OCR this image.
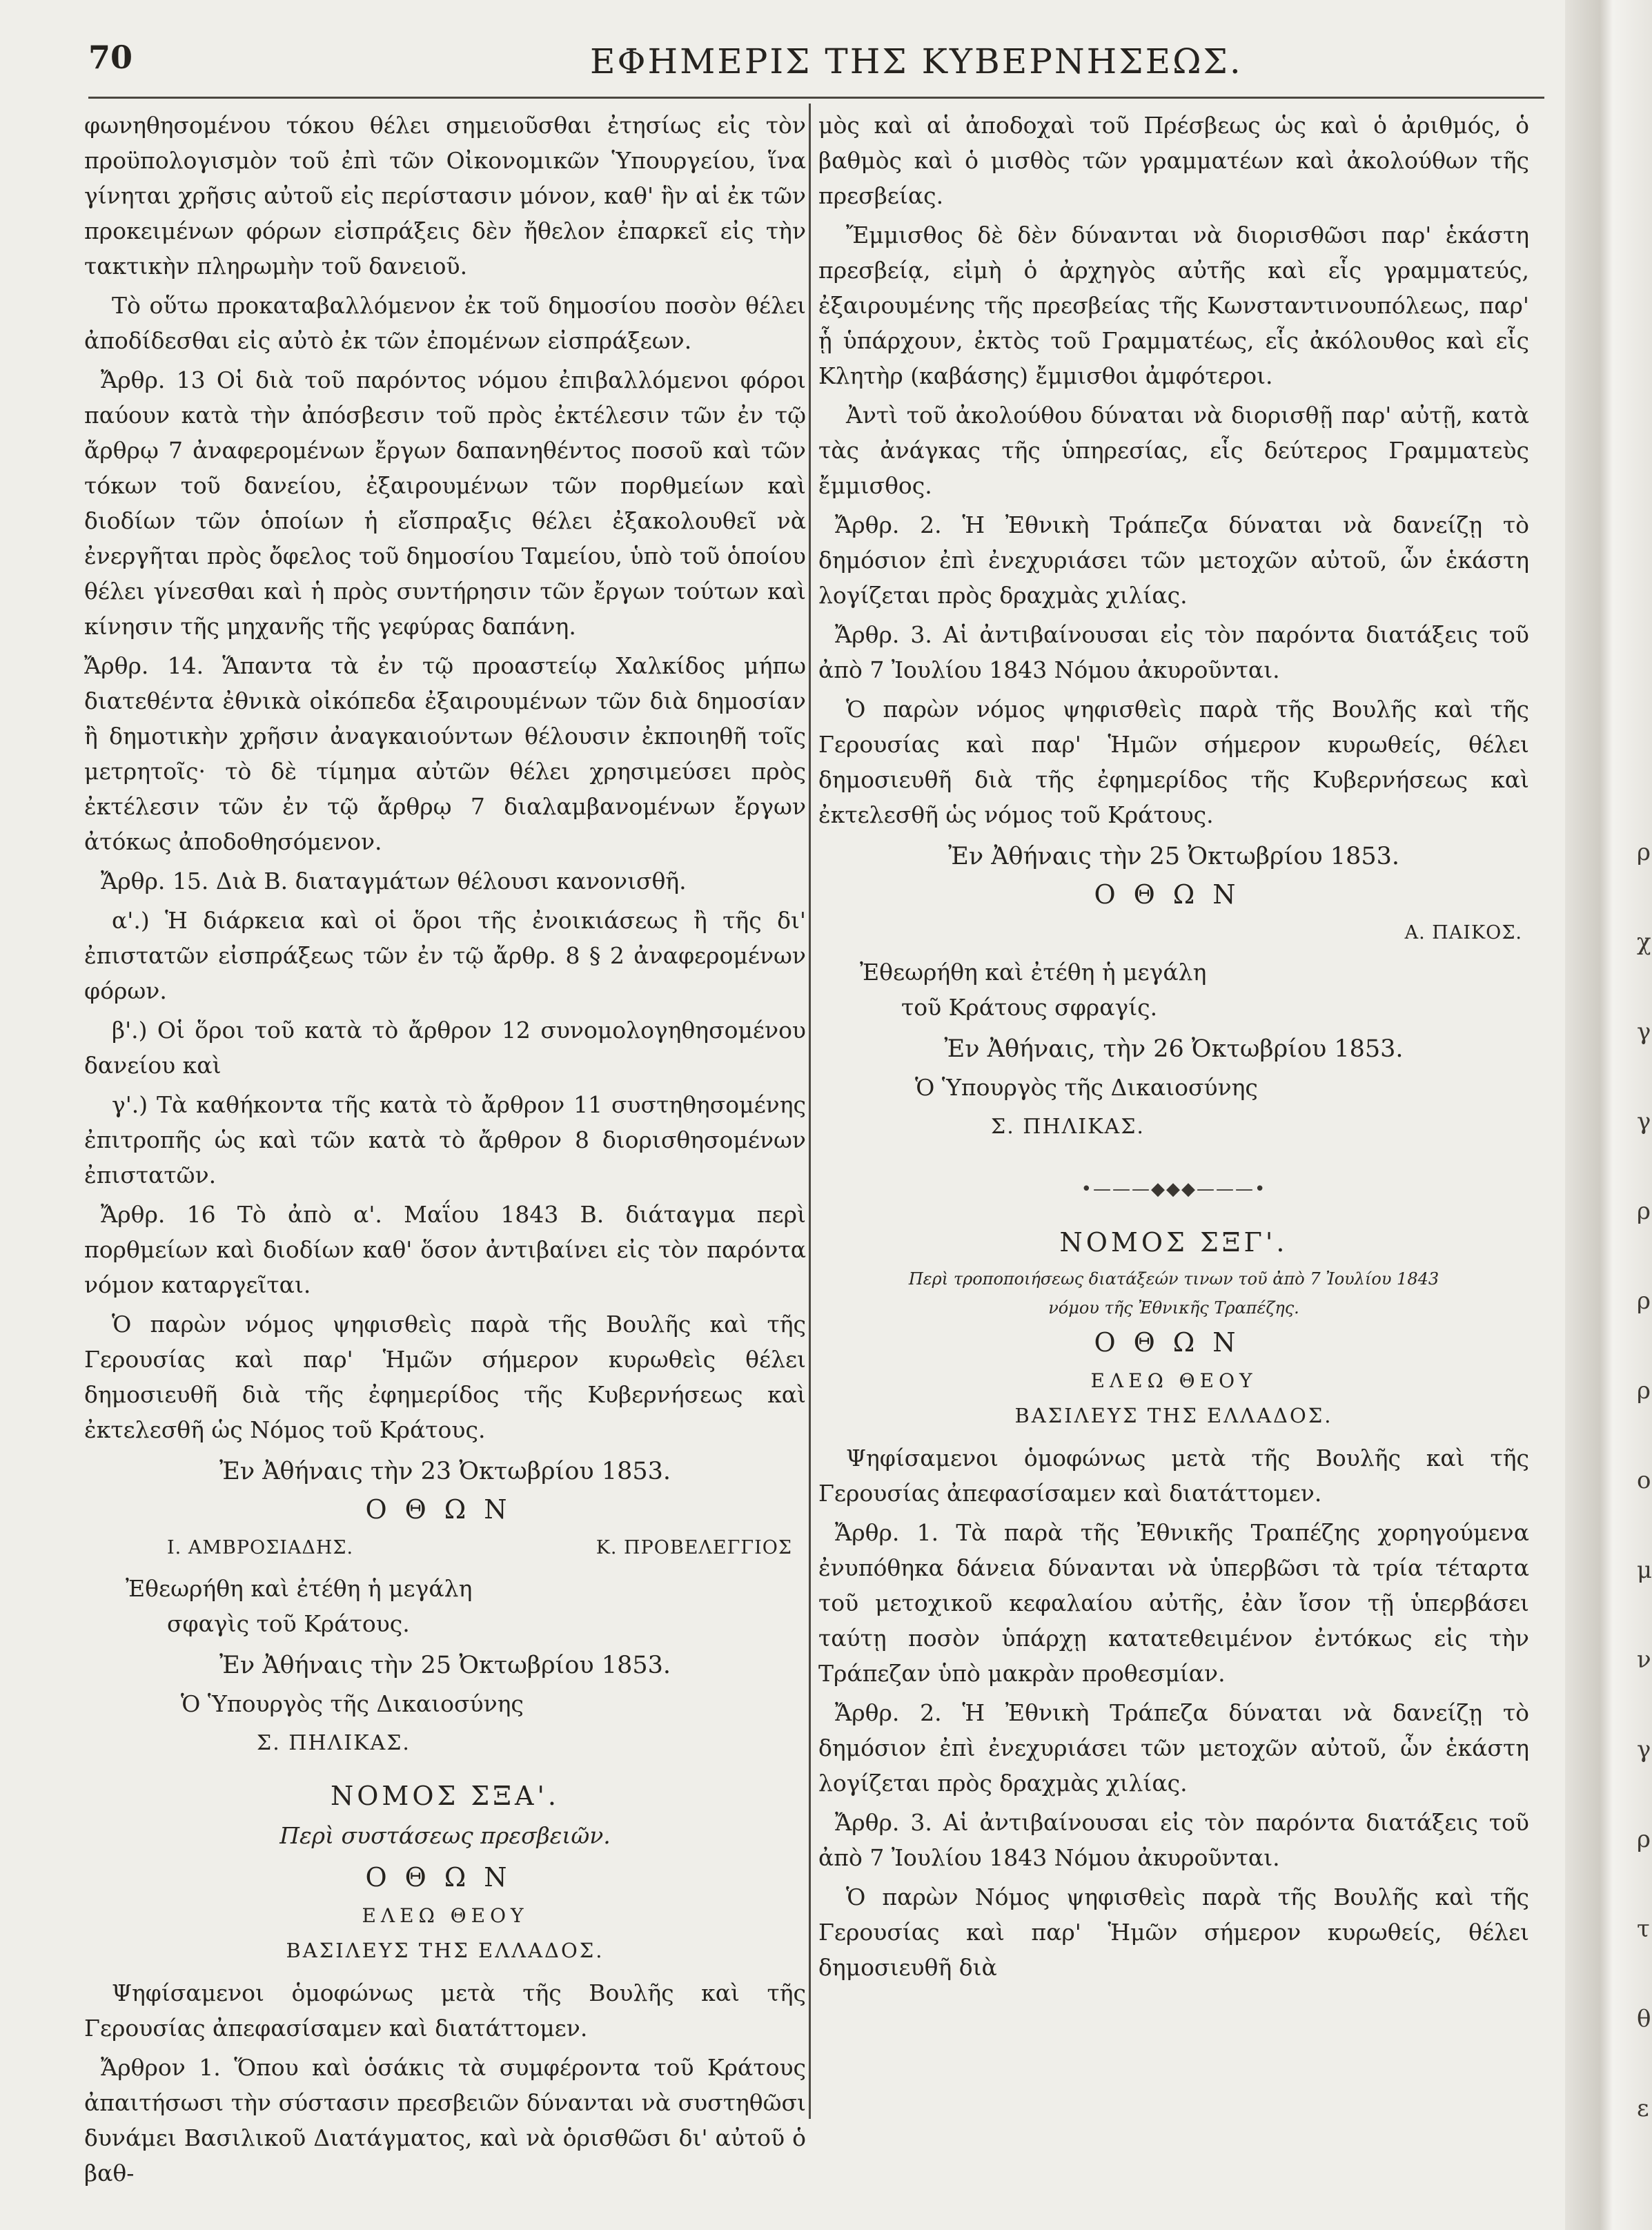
70	ΕΦΗΜΕΡΙΣ ΤΗΣ ΚΥΒΕΡΝΗΣΕΩΣ.

φωνηθησομένου τόκου θέλει σημειοῦσθαι ἐτησίως εἰς τὸν προϋπολογισμὸν τοῦ ἐπὶ τῶν Οἰκονομικῶν Ὑπουργείου, ἵνα γίνηται χρῆσις αὐτοῦ εἰς περίστασιν μόνον, καθ' ἣν αἱ ἐκ τῶν προκειμένων φόρων εἰσπράξεις δὲν ἤθελον ἐπαρκεῖ εἰς τὴν τακτικὴν πληρωμὴν τοῦ δανειοῦ.

Τὸ οὕτω προκαταβαλλόμενον ἐκ τοῦ δημοσίου ποσὸν θέλει ἀποδίδεσθαι εἰς αὐτὸ ἐκ τῶν ἐπομένων εἰσπράξεων.

Ἄρθρ. 13 Οἱ διὰ τοῦ παρόντος νόμου ἐπιβαλλόμενοι φόροι παύουν κατὰ τὴν ἀπόσβεσιν τοῦ πρὸς ἐκτέλεσιν τῶν ἐν τῷ ἄρθρῳ 7 ἀναφερομένων ἔργων δαπανηθέντος ποσοῦ καὶ τῶν τόκων τοῦ δανείου, ἐξαιρουμένων τῶν πορθμείων καὶ διοδίων τῶν ὁποίων ἡ εἴσπραξις θέλει ἐξακολουθεῖ νὰ ἐνεργῆται πρὸς ὄφελος τοῦ δημοσίου Ταμείου, ὑπὸ τοῦ ὁποίου θέλει γίνεσθαι καὶ ἡ πρὸς συντήρησιν τῶν ἔργων τούτων καὶ κίνησιν τῆς μηχανῆς τῆς γεφύρας δαπάνη.

Ἄρθρ. 14. Ἅπαντα τὰ ἐν τῷ προαστείῳ Χαλκίδος μήπω διατεθέντα ἐθνικὰ οἰκόπεδα ἐξαιρουμένων τῶν διὰ δημοσίαν ἢ δημοτικὴν χρῆσιν ἀναγκαιούντων θέλουσιν ἐκποιηθῆ τοῖς μετρητοῖς· τὸ δὲ τίμημα αὐτῶν θέλει χρησιμεύσει πρὸς ἐκτέλεσιν τῶν ἐν τῷ ἄρθρῳ 7 διαλαμβανομένων ἔργων ἀτόκως ἀποδοθησόμενον.

Ἄρθρ. 15. Διὰ Β. διαταγμάτων θέλουσι κανονισθῆ.

α'.) Ἡ διάρκεια καὶ οἱ ὅροι τῆς ἐνοικιάσεως ἢ τῆς δι' ἐπιστατῶν εἰσπράξεως τῶν ἐν τῷ ἄρθρ. 8 § 2 ἀναφερομένων φόρων.

β'.) Οἱ ὅροι τοῦ κατὰ τὸ ἄρθρον 12 συνομολογηθησομένου δανείου καὶ

γ'.) Τὰ καθήκοντα τῆς κατὰ τὸ ἄρθρον 11 συστηθησομένης ἐπιτροπῆς ὡς καὶ τῶν κατὰ τὸ ἄρθρον 8 διορισθησομένων ἐπιστατῶν.

Ἄρθρ. 16 Τὸ ἀπὸ α'. Μαΐου 1843 Β. διάταγμα περὶ πορθμείων καὶ διοδίων καθ' ὅσον ἀντιβαίνει εἰς τὸν παρόντα νόμον καταργεῖται.

Ὁ παρὼν νόμος ψηφισθεὶς παρὰ τῆς Βουλῆς καὶ τῆς Γερουσίας καὶ παρ' Ἡμῶν σήμερον κυρωθεὶς θέλει δημοσιευθῆ διὰ τῆς ἐφημερίδος τῆς Κυβερνήσεως καὶ ἐκτελεσθῆ ὡς Νόμος τοῦ Κράτους.

Ἐν Ἀθήναις τὴν 23 Ὀκτωβρίου 1853.

ΟΘΩΝ

Ι. ΑΜΒΡΟΣΙΑΔΗΣ.	Κ. ΠΡΟΒΕΛΕΓΓΙΟΣ

Ἐθεωρήθη καὶ ἐτέθη ἡ μεγάλη

σφαγὶς τοῦ Κράτους.

Ἐν Ἀθήναις τὴν 25 Ὀκτωβρίου 1853.

Ὁ Ὑπουργὸς τῆς Δικαιοσύνης

Σ. ΠΗΛΙΚΑΣ.

ΝΟΜΟΣ ΣΞΑ'.

Περὶ συστάσεως πρεσβειῶν.

ΟΘΩΝ

ΕΛΕΩ ΘΕΟΥ

ΒΑΣΙΛΕΥΣ ΤΗΣ ΕΛΛΑΔΟΣ.

Ψηφίσαμενοι ὁμοφώνως μετὰ τῆς Βουλῆς καὶ τῆς Γερουσίας ἀπεφασίσαμεν καὶ διατάττομεν.

Ἄρθρον 1. Ὅπου καὶ ὁσάκις τὰ συμφέροντα τοῦ Κράτους ἀπαιτήσωσι τὴν σύστασιν πρεσβειῶν δύνανται νὰ συστηθῶσι δυνάμει Βασιλικοῦ Διατάγματος, καὶ νὰ ὁρισθῶσι δι' αὐτοῦ ὁ βαθ-

μὸς καὶ αἱ ἀποδοχαὶ τοῦ Πρέσβεως ὡς καὶ ὁ ἀριθμός, ὁ βαθμὸς καὶ ὁ μισθὸς τῶν γραμματέων καὶ ἀκολούθων τῆς πρεσβείας.

Ἔμμισθος δὲ δὲν δύνανται νὰ διορισθῶσι παρ' ἑκάστη πρεσβείᾳ, εἰμὴ ὁ ἀρχηγὸς αὐτῆς καὶ εἷς γραμματεύς, ἐξαιρουμένης τῆς πρεσβείας τῆς Κωνσταντινουπόλεως, παρ' ᾗ ὑπάρχουν, ἐκτὸς τοῦ Γραμματέως, εἷς ἀκόλουθος καὶ εἷς Κλητὴρ (καβάσης) ἔμμισθοι ἀμφότεροι.

Ἀντὶ τοῦ ἀκολούθου δύναται νὰ διορισθῇ παρ' αὐτῇ, κατὰ τὰς ἀνάγκας τῆς ὑπηρεσίας, εἷς δεύτερος Γραμματεὺς ἔμμισθος.

Ἄρθρ. 2. Ἡ Ἐθνικὴ Τράπεζα δύναται νὰ δανείζῃ τὸ δημόσιον ἐπὶ ἐνεχυριάσει τῶν μετοχῶν αὐτοῦ, ὧν ἑκάστη λογίζεται πρὸς δραχμὰς χιλίας.

Ἄρθρ. 3. Αἱ ἀντιβαίνουσαι εἰς τὸν παρόντα διατάξεις τοῦ ἀπὸ 7 Ἰουλίου 1843 Νόμου ἀκυροῦνται.

Ὁ παρὼν νόμος ψηφισθεὶς παρὰ τῆς Βουλῆς καὶ τῆς Γερουσίας καὶ παρ' Ἡμῶν σήμερον κυρωθείς, θέλει δημοσιευθῆ διὰ τῆς ἐφημερίδος τῆς Κυβερνήσεως καὶ ἐκτελεσθῆ ὡς νόμος τοῦ Κράτους.

Ἐν Ἀθήναις τὴν 25 Ὀκτωβρίου 1853.

ΟΘΩΝ

Α. ΠΑΙΚΟΣ.

Ἐθεωρήθη καὶ ἐτέθη ἡ μεγάλη

τοῦ Κράτους σφραγίς.

Ἐν Ἀθήναις, τὴν 26 Ὀκτωβρίου 1853.

Ὁ Ὑπουργὸς τῆς Δικαιοσύνης

Σ. ΠΗΛΙΚΑΣ.

•———◆◆◆———•

ΝΟΜΟΣ ΣΞΓ'.

Περὶ τροποποιήσεως διατάξεών τινων τοῦ ἀπὸ 7 Ἰουλίου 1843

νόμου τῆς Ἐθνικῆς Τραπέζης.

ΟΘΩΝ

ΕΛΕΩ ΘΕΟΥ

ΒΑΣΙΛΕΥΣ ΤΗΣ ΕΛΛΑΔΟΣ.

Ψηφίσαμενοι ὁμοφώνως μετὰ τῆς Βουλῆς καὶ τῆς Γερουσίας ἀπεφασίσαμεν καὶ διατάττομεν.

Ἄρθρ. 1. Τὰ παρὰ τῆς Ἐθνικῆς Τραπέζης χορηγούμενα ἐνυπόθηκα δάνεια δύνανται νὰ ὑπερβῶσι τὰ τρία τέταρτα τοῦ μετοχικοῦ κεφαλαίου αὐτῆς, ἐὰν ἴσον τῇ ὑπερβάσει ταύτῃ ποσὸν ὑπάρχῃ κατατεθειμένον ἐντόκως εἰς τὴν Τράπεζαν ὑπὸ μακρὰν προθεσμίαν.

Ἄρθρ. 2. Ἡ Ἐθνικὴ Τράπεζα δύναται νὰ δανείζῃ τὸ δημόσιον ἐπὶ ἐνεχυριάσει τῶν μετοχῶν αὐτοῦ, ὧν ἑκάστη λογίζεται πρὸς δραχμὰς χιλίας.

Ἄρθρ. 3. Αἱ ἀντιβαίνουσαι εἰς τὸν παρόντα διατάξεις τοῦ ἀπὸ 7 Ἰουλίου 1843 Νόμου ἀκυροῦνται.

Ὁ παρὼν Νόμος ψηφισθεὶς παρὰ τῆς Βουλῆς καὶ τῆς Γερουσίας καὶ παρ' Ἡμῶν σήμερον κυρωθείς, θέλει δημοσιευθῆ διὰ

ρ
χ
γ
γ
ρ
ρ
ρ
ο
μ
ν
γ
ρ
τ
θ
ε
